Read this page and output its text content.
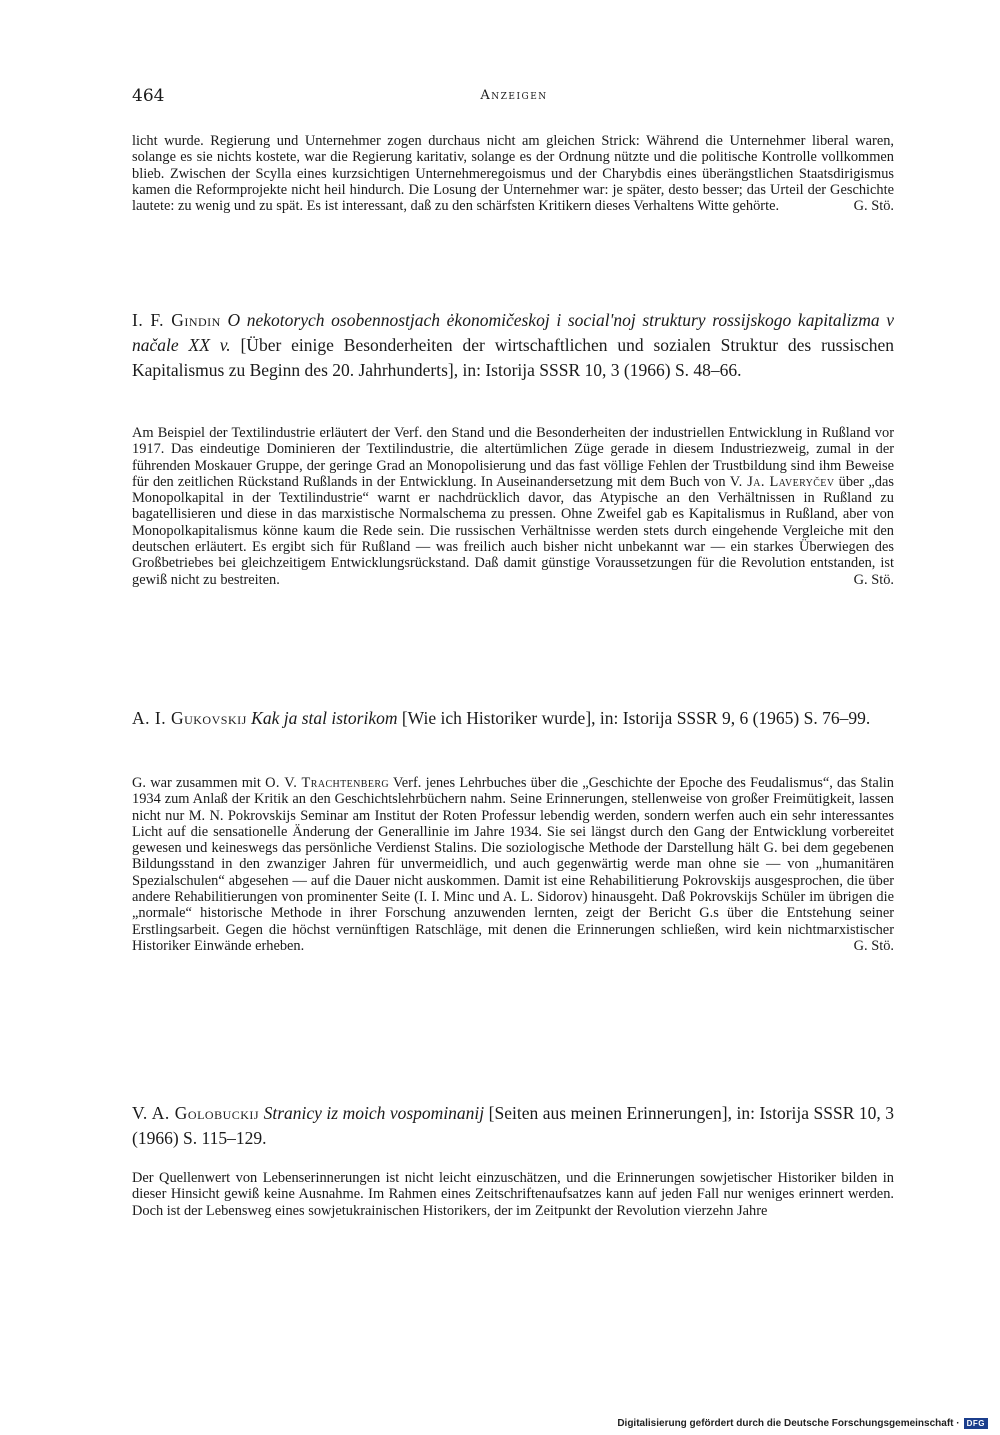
464	Anzeigen
licht wurde. Regierung und Unternehmer zogen durchaus nicht am gleichen Strick: Während die Unternehmer liberal waren, solange es sie nichts kostete, war die Regierung karitativ, solange es der Ordnung nützte und die politische Kontrolle vollkommen blieb. Zwischen der Scylla eines kurzsichtigen Unternehmeregoismus und der Charybdis eines überängstlichen Staatsdirigismus kamen die Reformprojekte nicht heil hindurch. Die Losung der Unternehmer war: je später, desto besser; das Urteil der Geschichte lautete: zu wenig und zu spät. Es ist interessant, daß zu den schärfsten Kritikern dieses Verhaltens Witte gehörte.	G. Stö.
I. F. Gindin O nekotorych osobennostjach ėkonomičeskoj i social'noj struktury rossijskogo kapitalizma v načale XX v. [Über einige Besonderheiten der wirtschaftlichen und sozialen Struktur des russischen Kapitalismus zu Beginn des 20. Jahrhunderts], in: Istorija SSSR 10, 3 (1966) S. 48–66.
Am Beispiel der Textilindustrie erläutert der Verf. den Stand und die Besonderheiten der industriellen Entwicklung in Rußland vor 1917. Das eindeutige Dominieren der Textilindustrie, die altertümlichen Züge gerade in diesem Industriezweig, zumal in der führenden Moskauer Gruppe, der geringe Grad an Monopolisierung und das fast völlige Fehlen der Trustbildung sind ihm Beweise für den zeitlichen Rückstand Rußlands in der Entwicklung. In Auseinandersetzung mit dem Buch von V. Ja. Laveryčev über „das Monopolkapital in der Textilindustrie“ warnt er nachdrücklich davor, das Atypische an den Verhältnissen in Rußland zu bagatellisieren und diese in das marxistische Normalschema zu pressen. Ohne Zweifel gab es Kapitalismus in Rußland, aber von Monopolkapitalismus könne kaum die Rede sein. Die russischen Verhältnisse werden stets durch eingehende Vergleiche mit den deutschen erläutert. Es ergibt sich für Rußland — was freilich auch bisher nicht unbekannt war — ein starkes Überwiegen des Großbetriebes bei gleichzeitigem Entwicklungsrückstand. Daß damit günstige Voraussetzungen für die Revolution entstanden, ist gewiß nicht zu bestreiten.	G. Stö.
A. I. Gukovskij Kak ja stal istorikom [Wie ich Historiker wurde], in: Istorija SSSR 9, 6 (1965) S. 76–99.
G. war zusammen mit O. V. Trachtenberg Verf. jenes Lehrbuches über die „Geschichte der Epoche des Feudalismus“, das Stalin 1934 zum Anlaß der Kritik an den Geschichtslehrbüchern nahm. Seine Erinnerungen, stellenweise von großer Freimütigkeit, lassen nicht nur M. N. Pokrovskijs Seminar am Institut der Roten Professur lebendig werden, sondern werfen auch ein sehr interessantes Licht auf die sensationelle Änderung der Generallinie im Jahre 1934. Sie sei längst durch den Gang der Entwicklung vorbereitet gewesen und keineswegs das persönliche Verdienst Stalins. Die soziologische Methode der Darstellung hält G. bei dem gegebenen Bildungsstand in den zwanziger Jahren für unvermeidlich, und auch gegenwärtig werde man ohne sie — von „humanitären Spezialschulen“ abgesehen — auf die Dauer nicht auskommen. Damit ist eine Rehabilitierung Pokrovskijs ausgesprochen, die über andere Rehabilitierungen von prominenter Seite (I. I. Minc und A. L. Sidorov) hinausgeht. Daß Pokrovskijs Schüler im übrigen die „normale“ historische Methode in ihrer Forschung anzuwenden lernten, zeigt der Bericht G.s über die Entstehung seiner Erstlingsarbeit. Gegen die höchst vernünftigen Ratschläge, mit denen die Erinnerungen schließen, wird kein nichtmarxistischer Historiker Einwände erheben.	G. Stö.
V. A. Golobuckij Stranicy iz moich vospominanij [Seiten aus meinen Erinnerungen], in: Istorija SSSR 10, 3 (1966) S. 115–129.
Der Quellenwert von Lebenserinnerungen ist nicht leicht einzuschätzen, und die Erinnerungen sowjetischer Historiker bilden in dieser Hinsicht gewiß keine Ausnahme. Im Rahmen eines Zeitschriftenaufsatzes kann auf jeden Fall nur weniges erinnert werden. Doch ist der Lebensweg eines sowjetukrainischen Historikers, der im Zeitpunkt der Revolution vierzehn Jahre
Digitalisierung gefördert durch die Deutsche Forschungsgemeinschaft · DFG
